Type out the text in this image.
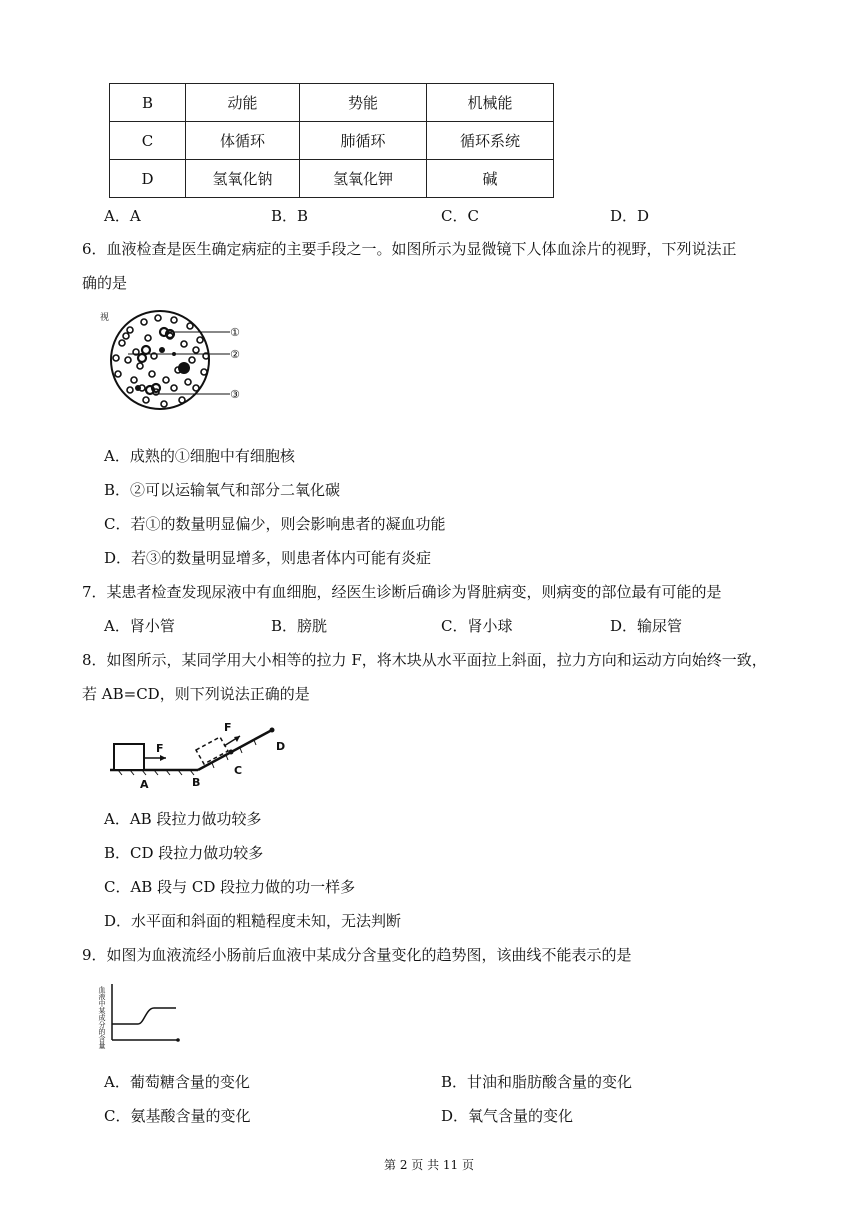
B	动能	势能	机械能
C	体循环	肺循环	循环系统
D	氢氧化钠	氢氧化钾	碱
A．A	B．B	C．C	D．D
6．血液检查是医生确定病症的主要手段之一。如图所示为显微镜下人体血涂片的视野，下列说法正
确的是
视
①
②
③
A．成熟的①细胞中有细胞核
B．②可以运输氧气和部分二氧化碳
C．若①的数量明显偏少，则会影响患者的凝血功能
D．若③的数量明显增多，则患者体内可能有炎症
7．某患者检查发现尿液中有血细胞，经医生诊断后确诊为肾脏病变，则病变的部位最有可能的是
A．肾小管	B．膀胱	C．肾小球	D．输尿管
8．如图所示，某同学用大小相等的拉力 F，将木块从水平面拉上斜面，拉力方向和运动方向始终一致，
若 AB=CD，则下列说法正确的是
F
F
A	B
C
D
A．AB 段拉力做功较多
B．CD 段拉力做功较多
C．AB 段与 CD 段拉力做的功一样多
D．水平面和斜面的粗糙程度未知，无法判断
9．如图为血液流经小肠前后血液中某成分含量变化的趋势图，该曲线不能表示的是
血液中某成分的含量
A．葡萄糖含量的变化	B．甘油和脂肪酸含量的变化
C．氨基酸含量的变化	D．氧气含量的变化
第 2 页 共 11 页
